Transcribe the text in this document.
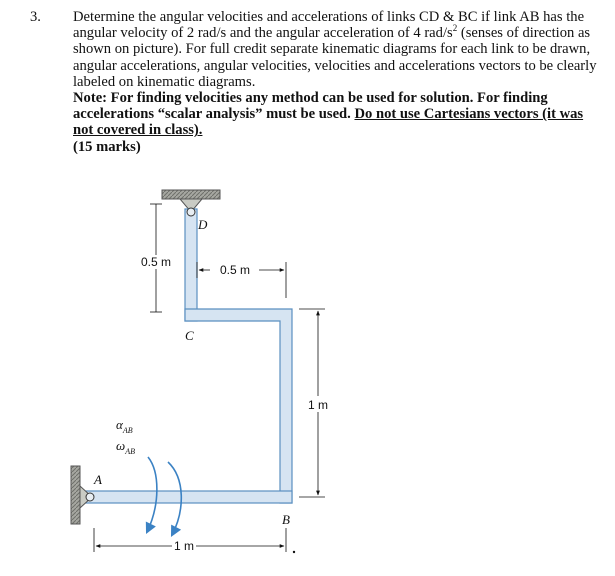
3. Determine the angular velocities and accelerations of links CD & BC if link AB has the angular velocity of 2 rad/s and the angular acceleration of 4 rad/$s^2$ (senses of direction as shown on picture). For full credit separate kinematic diagrams for each link to be drawn, angular accelerations, angular velocities, velocities and accelerations vectors to be clearly labeled on kinematic diagrams.

Note: For finding velocities any method can be used for solution. For finding accelerations “scalar analysis” must be used. Do not use Cartesians vectors (it was not covered in class).

(15 marks)

0.5 m
0.5 m
1 m
1 m
D
C
B
A
$\alpha_{AB}$
$\omega_{AB}$
